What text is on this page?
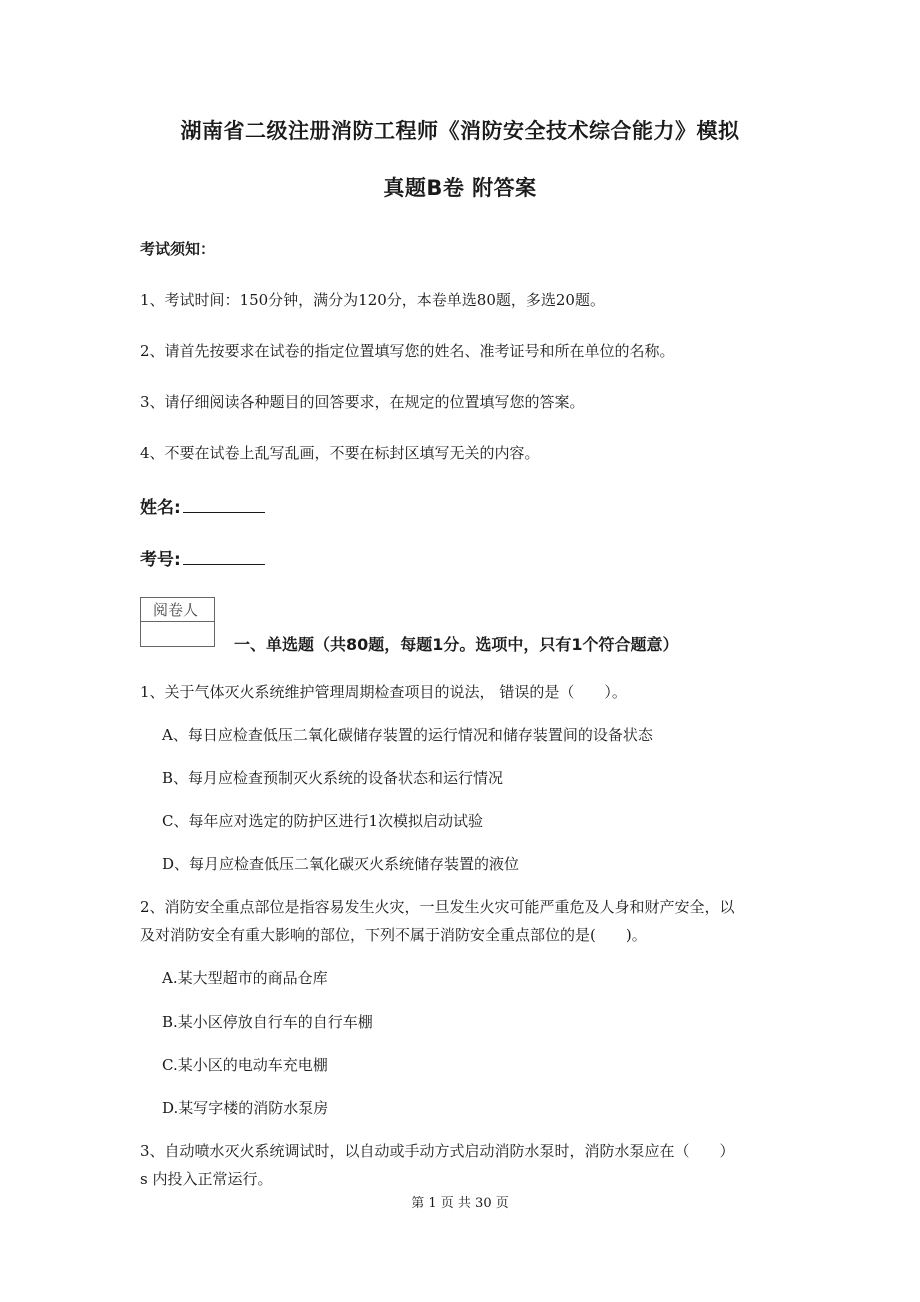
湖南省二级注册消防工程师《消防安全技术综合能力》模拟
真题B卷 附答案
考试须知：
1、考试时间：150分钟，满分为120分，本卷单选80题，多选20题。
2、请首先按要求在试卷的指定位置填写您的姓名、准考证号和所在单位的名称。
3、请仔细阅读各种题目的回答要求，在规定的位置填写您的答案。
4、不要在试卷上乱写乱画，不要在标封区填写无关的内容。
姓名:
考号:
阅卷人
一、单选题（共80题，每题1分。选项中，只有1个符合题意）
1、关于气体灭火系统维护管理周期检查项目的说法， 错误的是（　　）。
A、每日应检查低压二氧化碳储存装置的运行情况和储存装置间的设备状态
B、每月应检查预制灭火系统的设备状态和运行情况
C、每年应对选定的防护区进行1次模拟启动试验
D、每月应检查低压二氧化碳灭火系统储存装置的液位
2、消防安全重点部位是指容易发生火灾，一旦发生火灾可能严重危及人身和财产安全，以
及对消防安全有重大影响的部位，下列不属于消防安全重点部位的是(　　)。
A.某大型超市的商品仓库
B.某小区停放自行车的自行车棚
C.某小区的电动车充电棚
D.某写字楼的消防水泵房
3、自动喷水灭火系统调试时，以自动或手动方式启动消防水泵时，消防水泵应在（　　）
s 内投入正常运行。
第 1 页 共 30 页
